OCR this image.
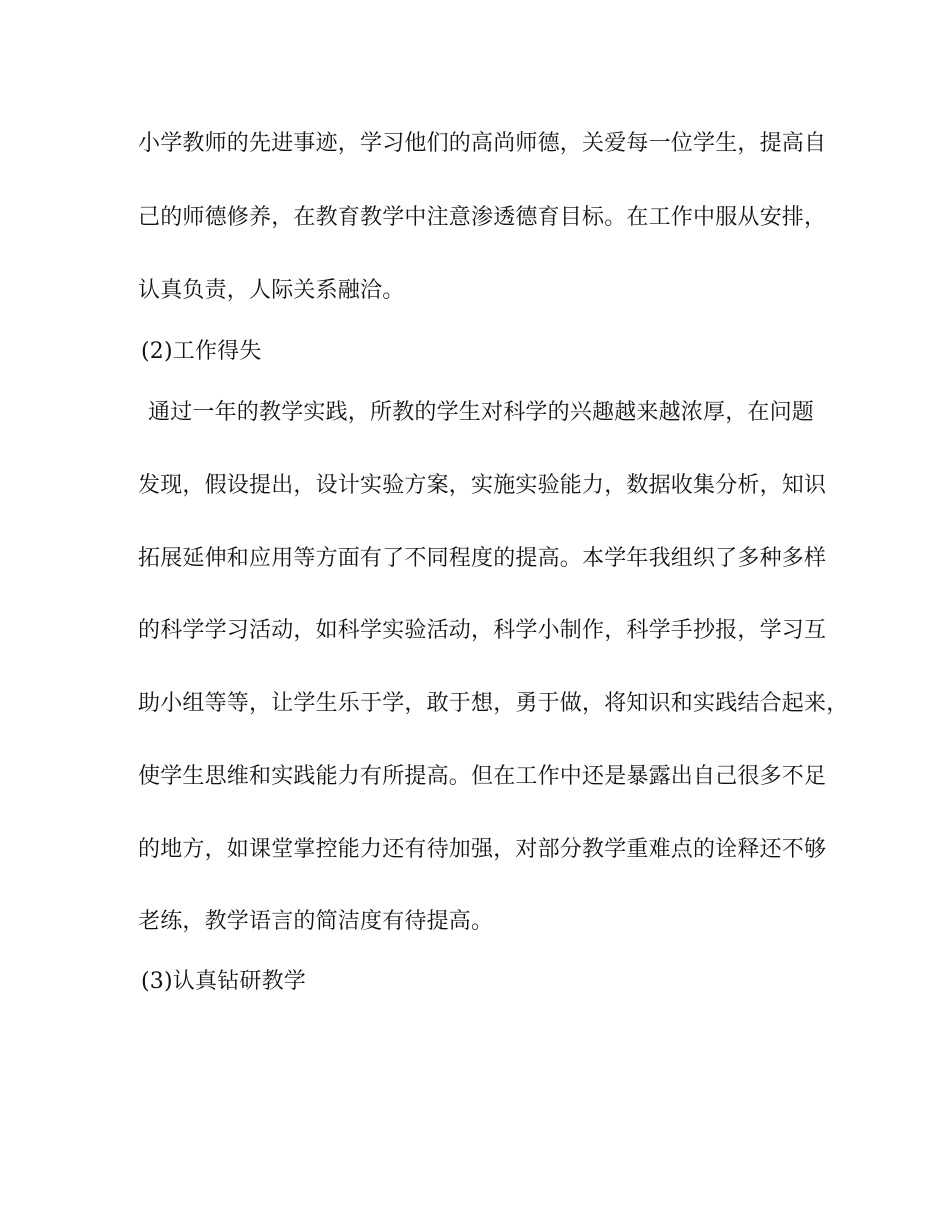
小学教师的先进事迹，学习他们的高尚师德，关爱每一位学生，提高自
己的师德修养，在教育教学中注意渗透德育目标。在工作中服从安排，
认真负责，人际关系融洽。
(2)工作得失
通过一年的教学实践，所教的学生对科学的兴趣越来越浓厚，在问题
发现，假设提出，设计实验方案，实施实验能力，数据收集分析，知识
拓展延伸和应用等方面有了不同程度的提高。本学年我组织了多种多样
的科学学习活动，如科学实验活动，科学小制作，科学手抄报，学习互
助小组等等，让学生乐于学，敢于想，勇于做，将知识和实践结合起来，
使学生思维和实践能力有所提高。但在工作中还是暴露出自己很多不足
的地方，如课堂掌控能力还有待加强，对部分教学重难点的诠释还不够
老练，教学语言的简洁度有待提高。
(3)认真钻研教学
